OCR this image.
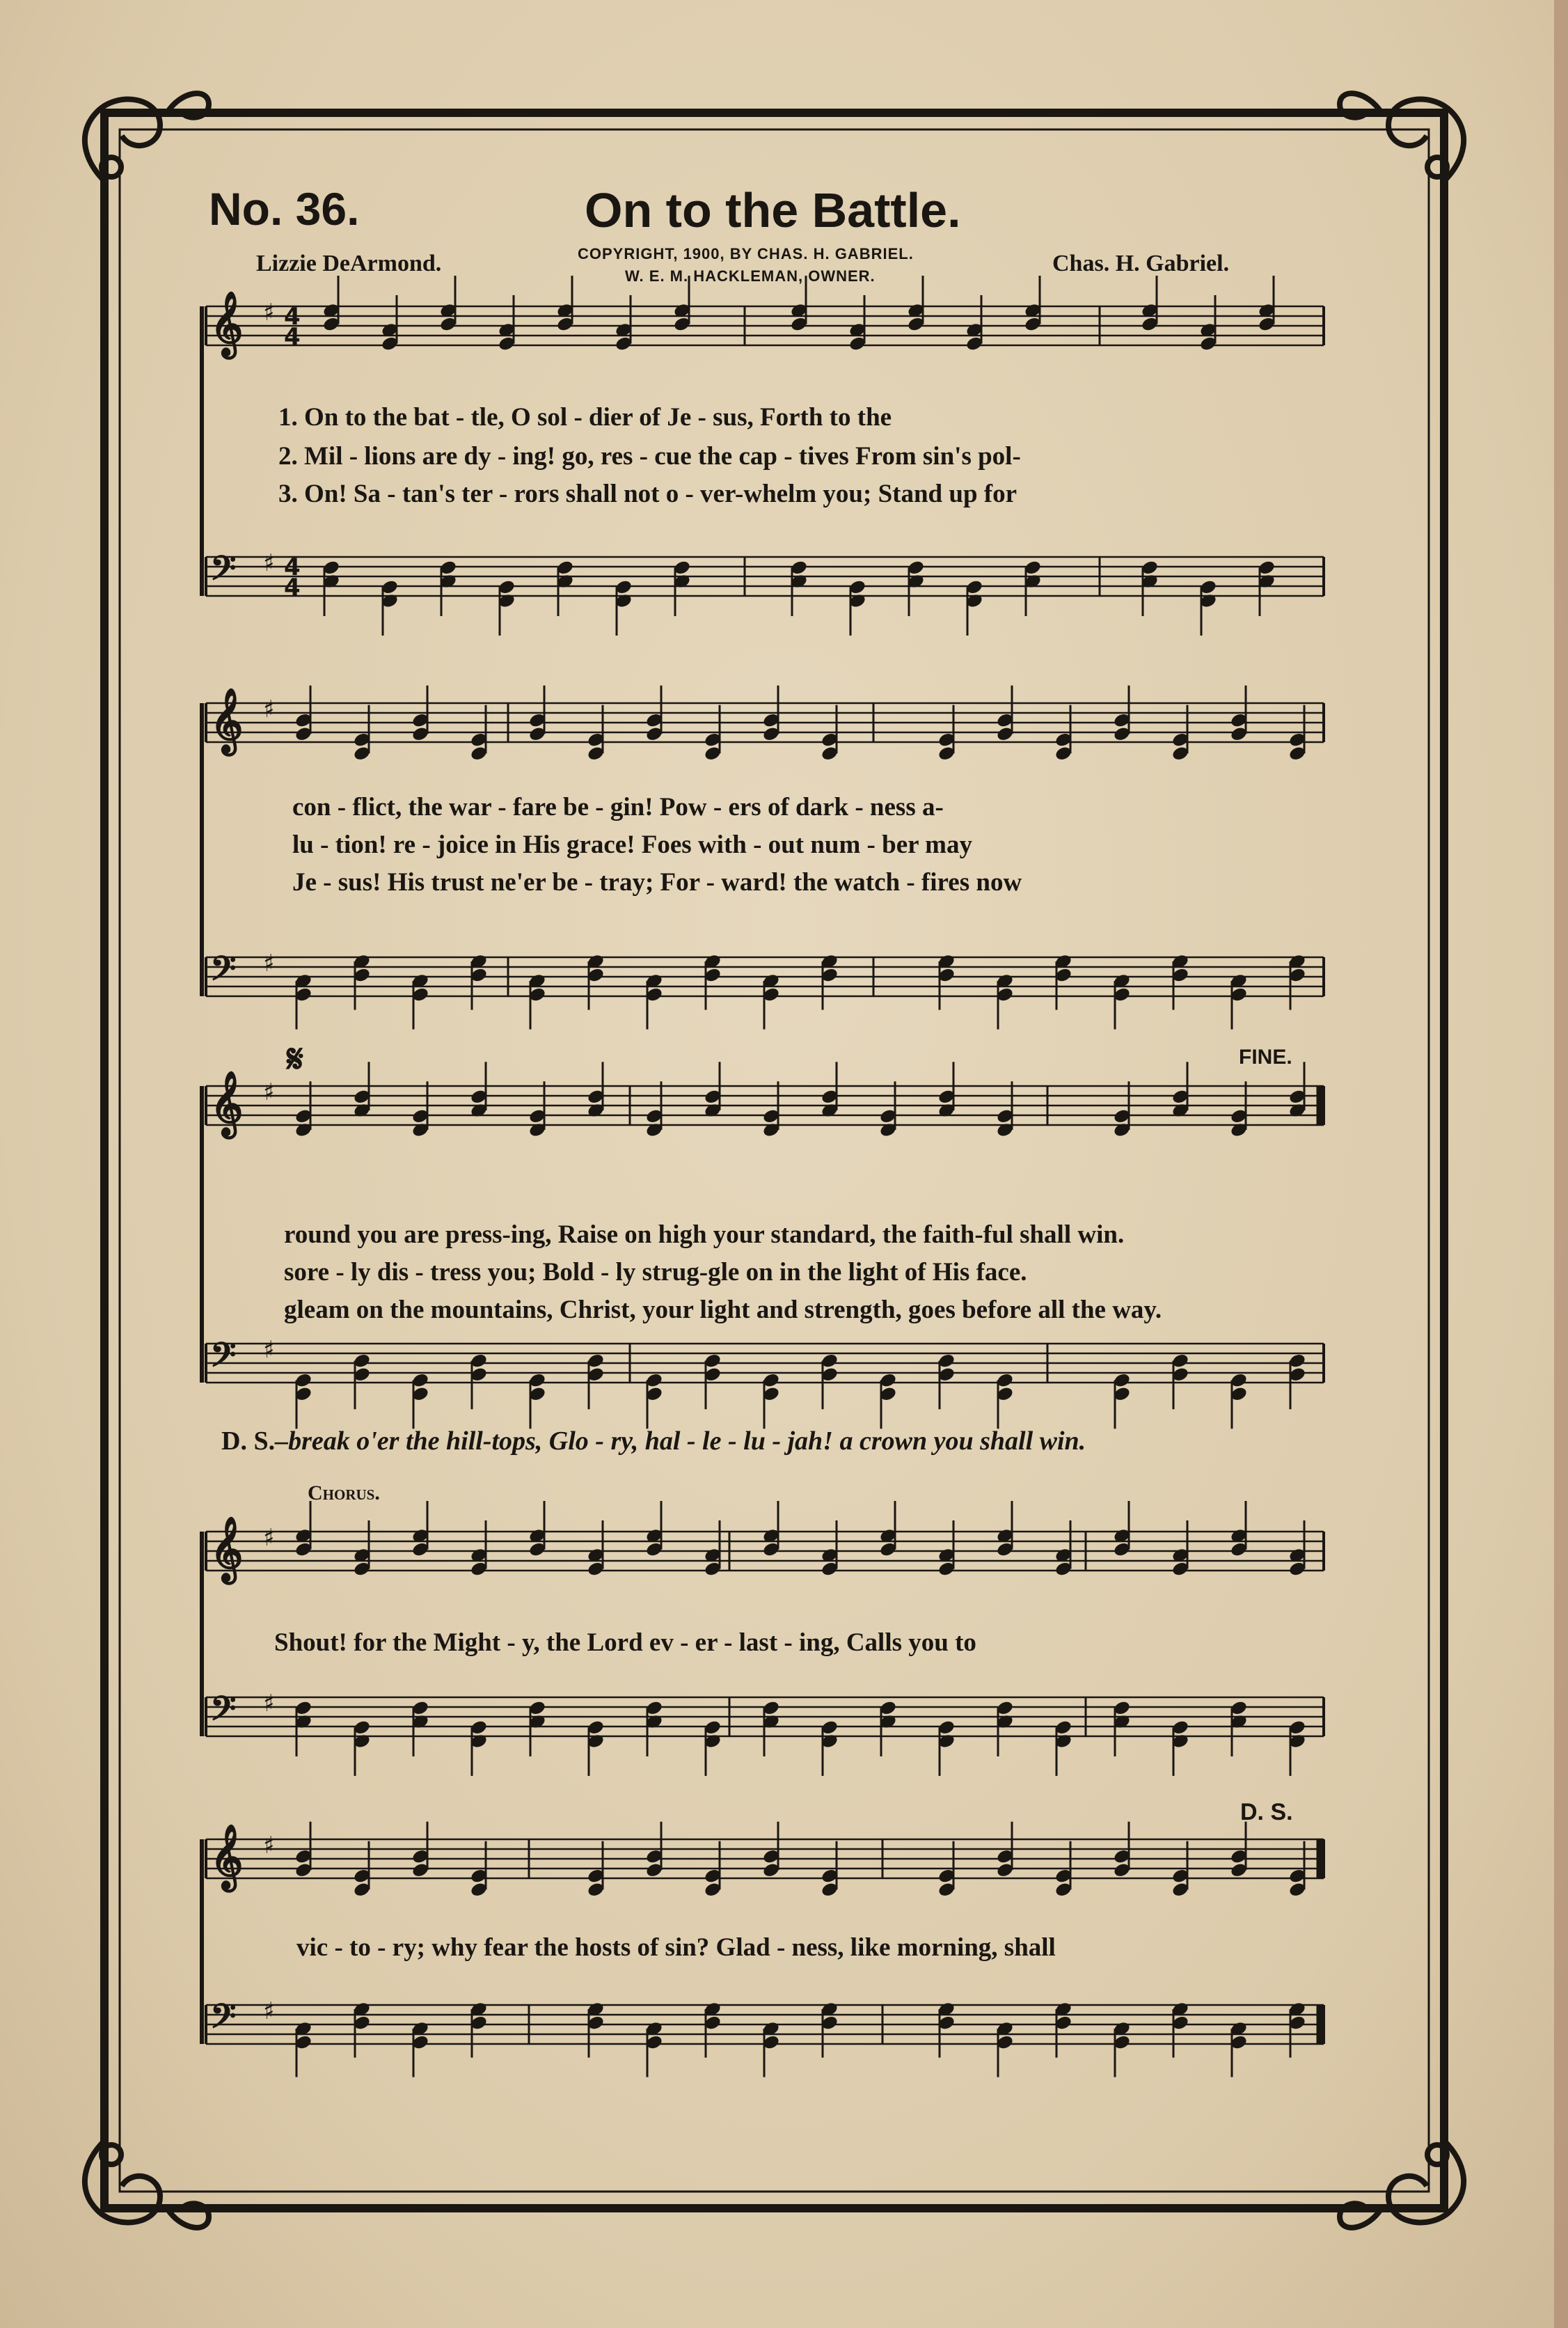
𝄞 ♯ 4
4
𝄢 ♯ 4
4
𝄞 ♯
𝄢 ♯
𝄞 ♯
𝄢 ♯
𝄞 ♯
𝄢 ♯
𝄞 ♯
𝄢 ♯
No. 36.	On to the Battle.
Lizzie DeArmond.	Chas. H. Gabriel.
COPYRIGHT, 1900, BY CHAS. H. GABRIEL.
W. E. M. HACKLEMAN, OWNER.
𝄋	FINE.
D. S.
Chorus.
1. On to the bat - tle, O sol - dier of Je - sus, Forth to the
2. Mil - lions are dy - ing! go, res - cue the cap - tives From sin's pol-
3. On! Sa - tan's ter - rors shall not o - ver-whelm you; Stand up for
con - flict, the war - fare be - gin! Pow - ers of dark - ness a-
lu - tion! re - joice in His grace! Foes with - out num - ber may
Je - sus! His trust ne'er be - tray; For - ward! the watch - fires now
round you are press-ing, Raise on high your standard, the faith-ful shall win.
sore - ly dis - tress you; Bold - ly strug-gle on in the light of His face.
gleam on the mountains, Christ, your light and strength, goes before all the way.
D. S.–break o'er the hill-tops, Glo - ry, hal - le - lu - jah! a crown you shall win.
Shout! for the Might - y, the Lord ev - er - last - ing, Calls you to
vic - to - ry; why fear the hosts of sin? Glad - ness, like morning, shall
